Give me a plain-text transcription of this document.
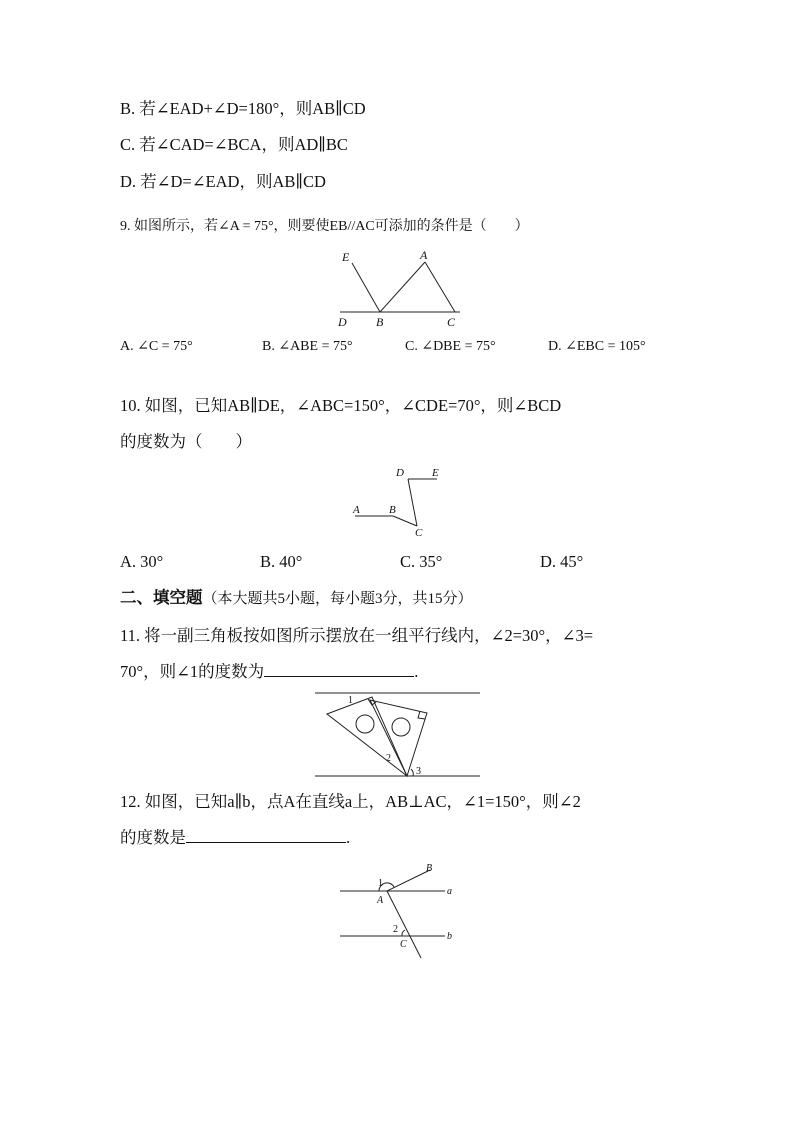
B. 若∠EAD+∠D=180°，则AB∥CD
C. 若∠CAD=∠BCA，则AD∥BC
D. 若∠D=∠EAD，则AB∥CD
9. 如图所示，若∠A = 75°，则要使EB//AC可添加的条件是（　　）
E	A
D B	C
A. ∠C = 75°	B. ∠ABE = 75°	C. ∠DBE = 75°	D. ∠EBC = 105°
10. 如图，已知AB∥DE，∠ABC=150°，∠CDE=70°，则∠BCD
的度数为（　　）
D	E
A	B
C
A. 30°	B. 40°	C. 35°	D. 45°
二、填空题（本大题共5小题，每小题3分，共15分）
11. 将一副三角板按如图所示摆放在一组平行线内，∠2=30°，∠3=
70°，则∠1的度数为	.
1
2
3
12. 如图，已知a∥b，点A在直线a上，AB⊥AC，∠1=150°，则∠2
的度数是	.
B
a
1
A
2
C
b
